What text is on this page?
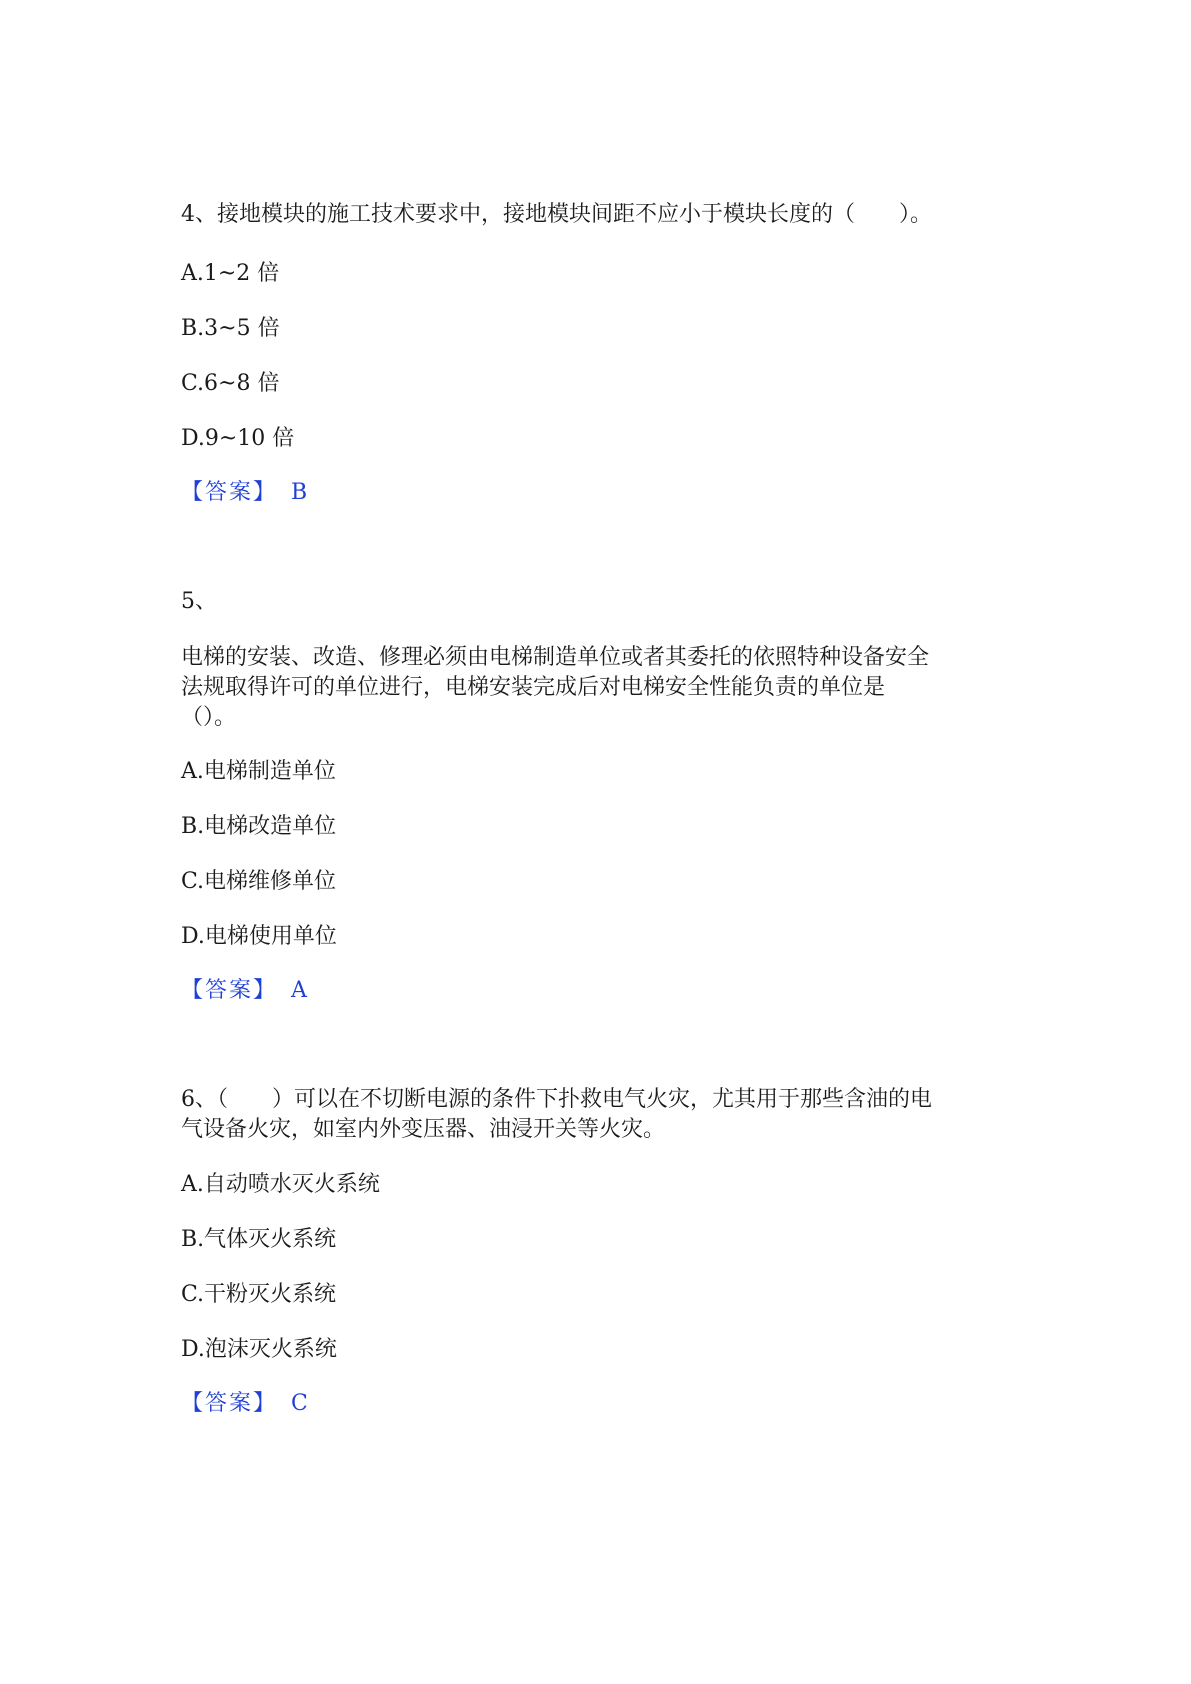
4、接地模块的施工技术要求中，接地模块间距不应小于模块长度的（　　）。
A.1~2 倍
B.3~5 倍
C.6~8 倍
D.9~10 倍
【答案】 B
5、
电梯的安装、改造、修理必须由电梯制造单位或者其委托的依照特种设备安全
法规取得许可的单位进行，电梯安装完成后对电梯安全性能负责的单位是
（）。
A.电梯制造单位
B.电梯改造单位
C.电梯维修单位
D.电梯使用单位
【答案】 A
6、（　　）可以在不切断电源的条件下扑救电气火灾，尤其用于那些含油的电
气设备火灾，如室内外变压器、油浸开关等火灾。
A.自动喷水灭火系统
B.气体灭火系统
C.干粉灭火系统
D.泡沫灭火系统
【答案】 C
